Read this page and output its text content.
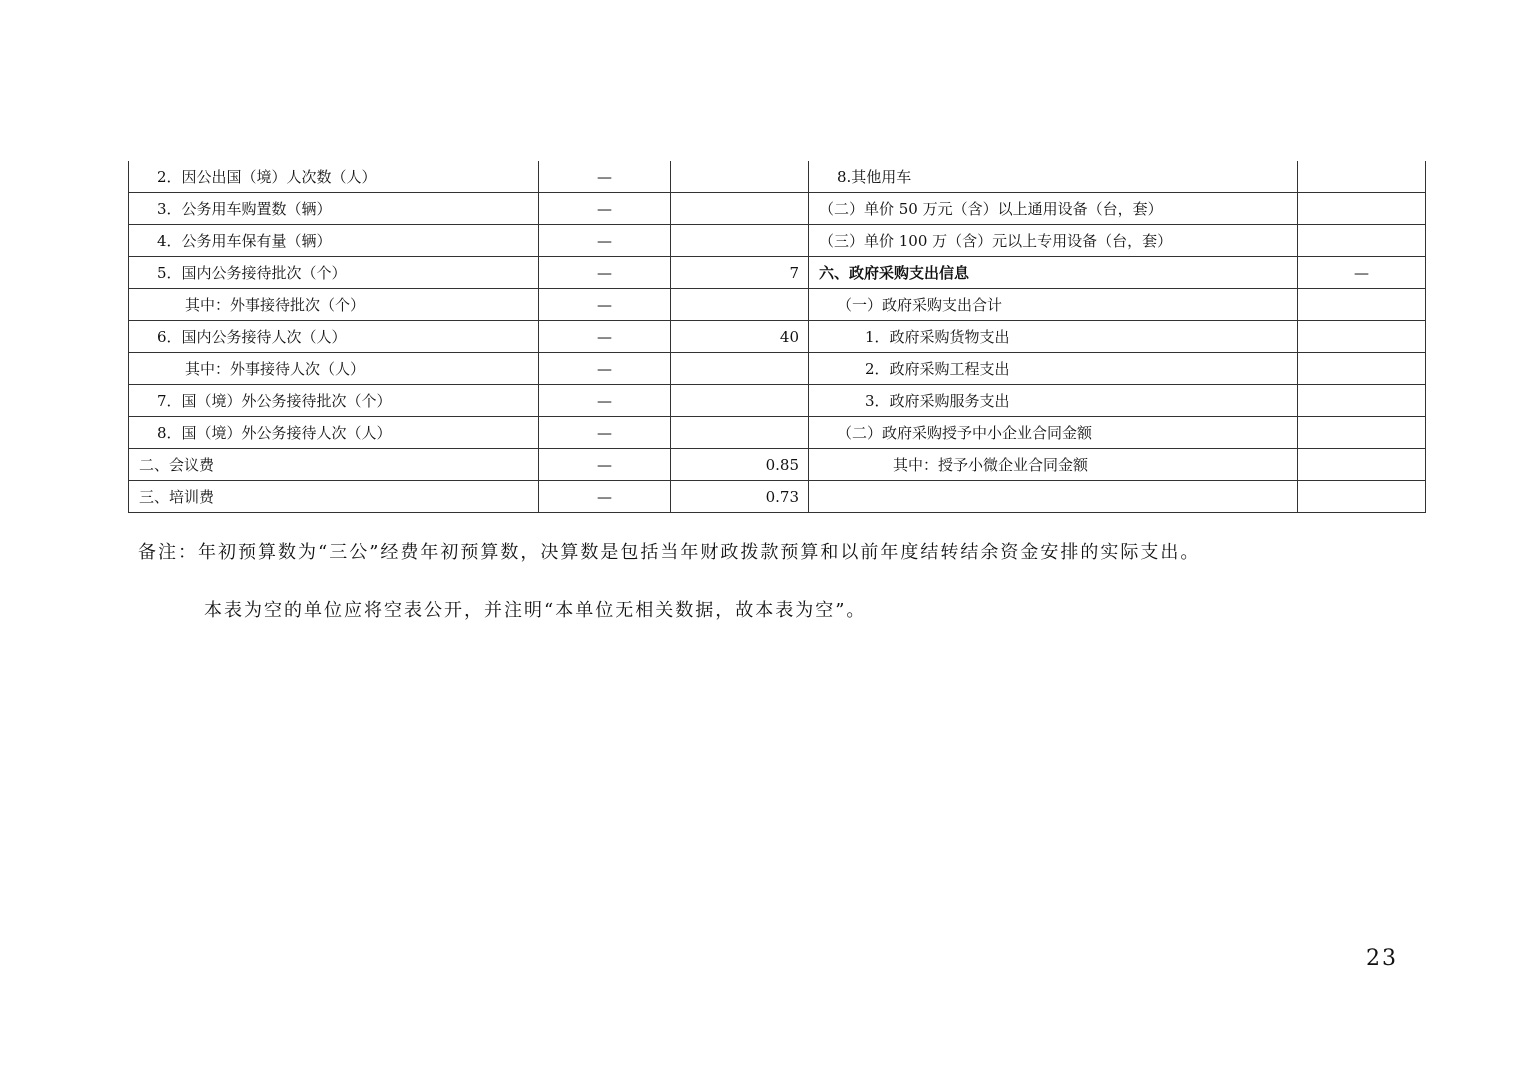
2．因公出国（境）人次数（人）	—		8.其他用车	
3．公务用车购置数（辆）	—		（二）单价 50 万元（含）以上通用设备（台，套）	
4．公务用车保有量（辆）	—		（三）单价 100 万（含）元以上专用设备（台，套）	
5．国内公务接待批次（个）	—	7	六、政府采购支出信息	—
其中：外事接待批次（个）	—		（一）政府采购支出合计	
6．国内公务接待人次（人）	—	40	1．政府采购货物支出	
其中：外事接待人次（人）	—		2．政府采购工程支出	
7．国（境）外公务接待批次（个）	—		3．政府采购服务支出	
8．国（境）外公务接待人次（人）	—		（二）政府采购授予中小企业合同金额	
二、会议费	—	0.85	其中：授予小微企业合同金额	
三、培训费	—	0.73		
备注：年初预算数为“三公”经费年初预算数，决算数是包括当年财政拨款预算和以前年度结转结余资金安排的实际支出。
本表为空的单位应将空表公开，并注明“本单位无相关数据，故本表为空”。
23
